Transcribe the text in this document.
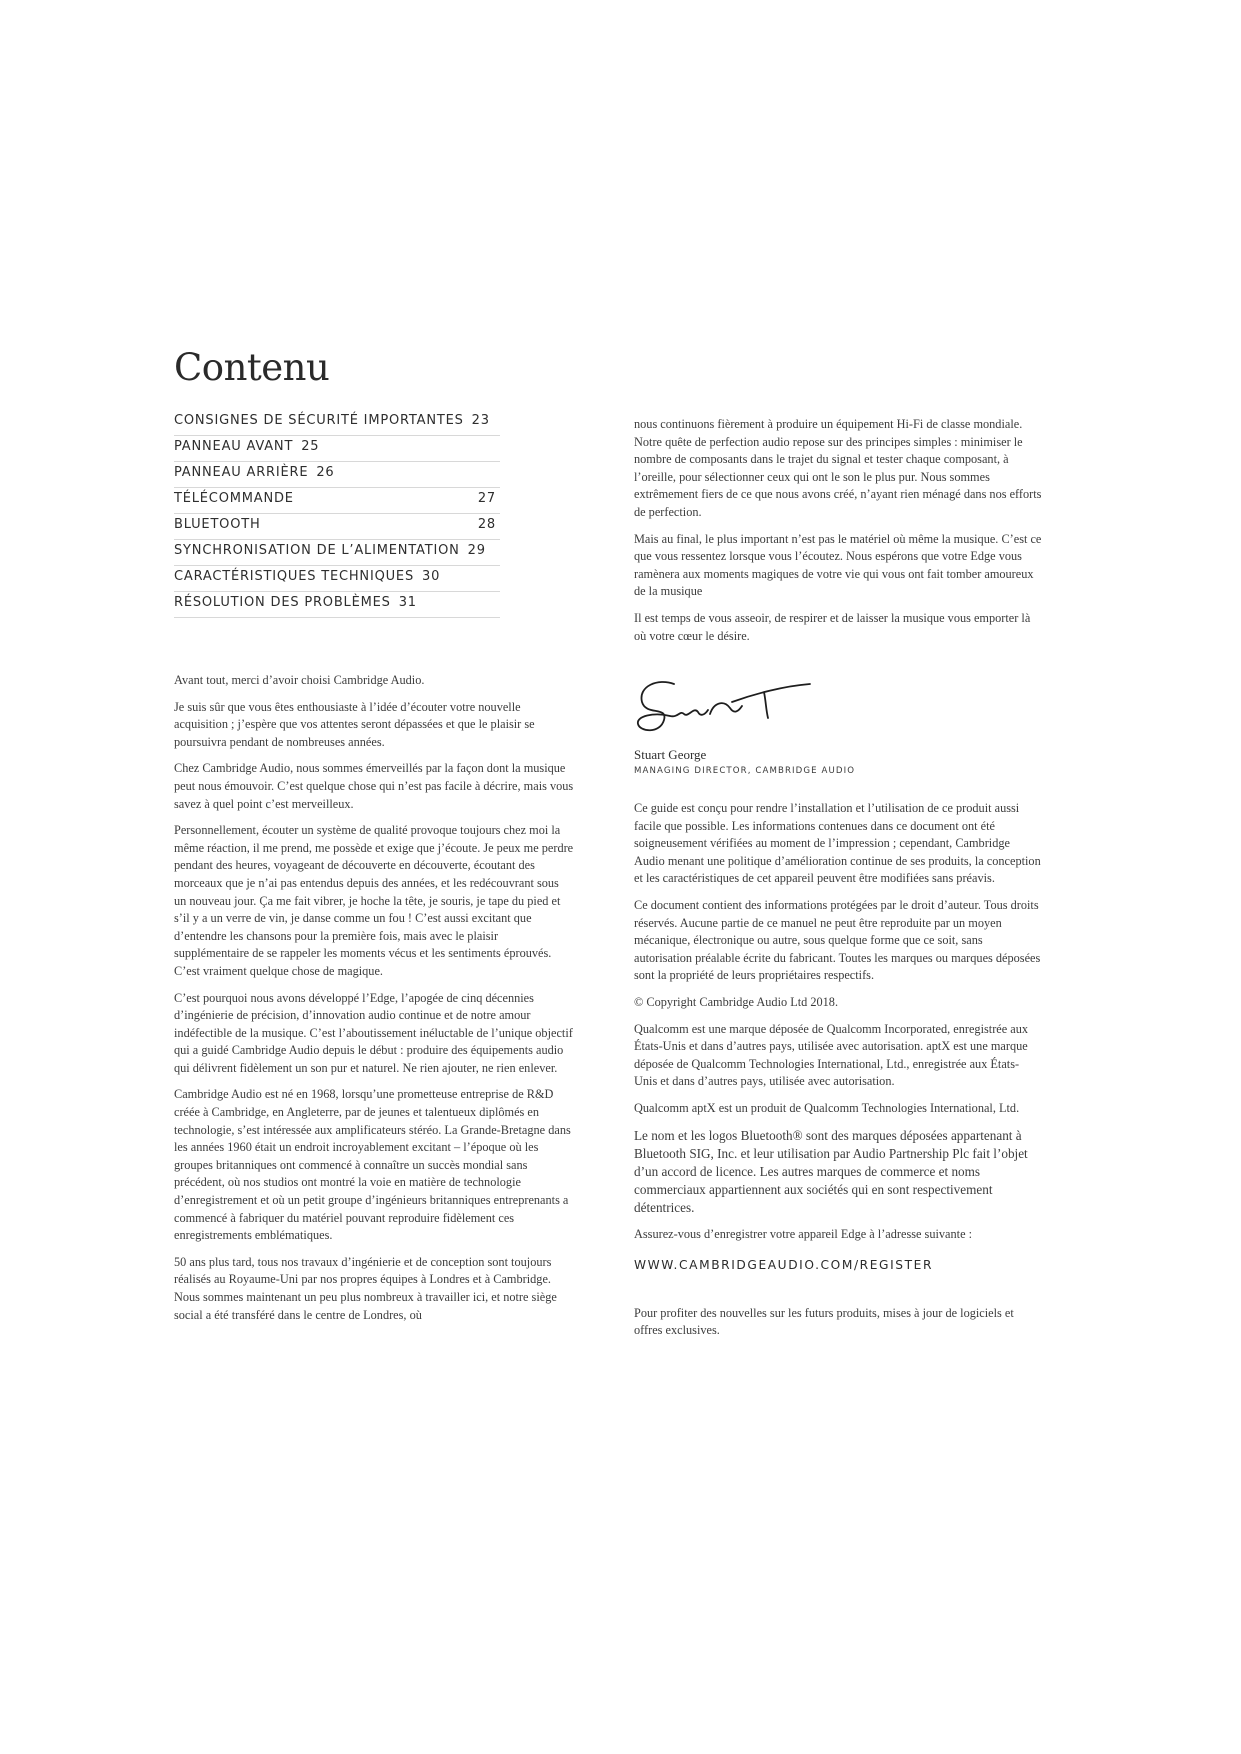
Contenu
CONSIGNES DE SÉCURITÉ IMPORTANTES 23
PANNEAU AVANT 25
PANNEAU ARRIÈRE 26
TÉLÉCOMMANDE	27
BLUETOOTH	28
SYNCHRONISATION DE L’ALIMENTATION 29
CARACTÉRISTIQUES TECHNIQUES 30
RÉSOLUTION DES PROBLÈMES 31

Avant tout, merci d’avoir choisi Cambridge Audio.

Je suis sûr que vous êtes enthousiaste à l’idée d’écouter votre nouvelle acquisition ; j’espère que vos attentes seront dépassées et que le plaisir se poursuivra pendant de nombreuses années.

Chez Cambridge Audio, nous sommes émerveillés par la façon dont la musique peut nous émouvoir. C’est quelque chose qui n’est pas facile à décrire, mais vous savez à quel point c’est merveilleux.

Personnellement, écouter un système de qualité provoque toujours chez moi la même réaction, il me prend, me possède et exige que j’écoute. Je peux me perdre pendant des heures, voyageant de découverte en découverte, écoutant des morceaux que je n’ai pas entendus depuis des années, et les redécouvrant sous un nouveau jour. Ça me fait vibrer, je hoche la tête, je souris, je tape du pied et s’il y a un verre de vin, je danse comme un fou ! C’est aussi excitant que d’entendre les chansons pour la première fois, mais avec le plaisir supplémentaire de se rappeler les moments vécus et les sentiments éprouvés. C’est vraiment quelque chose de magique.

C’est pourquoi nous avons développé l’Edge, l’apogée de cinq décennies d’ingénierie de précision, d’innovation audio continue et de notre amour indéfectible de la musique. C’est l’aboutissement inéluctable de l’unique objectif qui a guidé Cambridge Audio depuis le début : produire des équipements audio qui délivrent fidèlement un son pur et naturel. Ne rien ajouter, ne rien enlever.

Cambridge Audio est né en 1968, lorsqu’une prometteuse entreprise de R&D créée à Cambridge, en Angleterre, par de jeunes et talentueux diplômés en technologie, s’est intéressée aux amplificateurs stéréo. La Grande-Bretagne dans les années 1960 était un endroit incroyablement excitant – l’époque où les groupes britanniques ont commencé à connaître un succès mondial sans précédent, où nos studios ont montré la voie en matière de technologie d’enregistrement et où un petit groupe d’ingénieurs britanniques entreprenants a commencé à fabriquer du matériel pouvant reproduire fidèlement ces enregistrements emblématiques.

50 ans plus tard, tous nos travaux d’ingénierie et de conception sont toujours réalisés au Royaume-Uni par nos propres équipes à Londres et à Cambridge. Nous sommes maintenant un peu plus nombreux à travailler ici, et notre siège social a été transféré dans le centre de Londres, où

nous continuons fièrement à produire un équipement Hi-Fi de classe mondiale. Notre quête de perfection audio repose sur des principes simples : minimiser le nombre de composants dans le trajet du signal et tester chaque composant, à l’oreille, pour sélectionner ceux qui ont le son le plus pur. Nous sommes extrêmement fiers de ce que nous avons créé, n’ayant rien ménagé dans nos efforts de perfection.

Mais au final, le plus important n’est pas le matériel où même la musique. C’est ce que vous ressentez lorsque vous l’écoutez. Nous espérons que votre Edge vous ramènera aux moments magiques de votre vie qui vous ont fait tomber amoureux de la musique

Il est temps de vous asseoir, de respirer et de laisser la musique vous emporter là où votre cœur le désire.

Stuart George
MANAGING DIRECTOR, CAMBRIDGE AUDIO

Ce guide est conçu pour rendre l’installation et l’utilisation de ce produit aussi facile que possible. Les informations contenues dans ce document ont été soigneusement vérifiées au moment de l’impression ; cependant, Cambridge Audio menant une politique d’amélioration continue de ses produits, la conception et les caractéristiques de cet appareil peuvent être modifiées sans préavis.

Ce document contient des informations protégées par le droit d’auteur. Tous droits réservés. Aucune partie de ce manuel ne peut être reproduite par un moyen mécanique, électronique ou autre, sous quelque forme que ce soit, sans autorisation préalable écrite du fabricant. Toutes les marques ou marques déposées sont la propriété de leurs propriétaires respectifs.

© Copyright Cambridge Audio Ltd 2018.

Qualcomm est une marque déposée de Qualcomm Incorporated, enregistrée aux États-Unis et dans d’autres pays, utilisée avec autorisation. aptX est une marque déposée de Qualcomm Technologies International, Ltd., enregistrée aux États-Unis et dans d’autres pays, utilisée avec autorisation.

Qualcomm aptX est un produit de Qualcomm Technologies International, Ltd.

Le nom et les logos Bluetooth® sont des marques déposées appartenant à Bluetooth SIG, Inc. et leur utilisation par Audio Partnership Plc fait l’objet d’un accord de licence. Les autres marques de commerce et noms commerciaux appartiennent aux sociétés qui en sont respectivement détentrices.

Assurez-vous d’enregistrer votre appareil Edge à l’adresse suivante :

WWW.CAMBRIDGEAUDIO.COM/REGISTER

Pour profiter des nouvelles sur les futurs produits, mises à jour de logiciels et offres exclusives.
